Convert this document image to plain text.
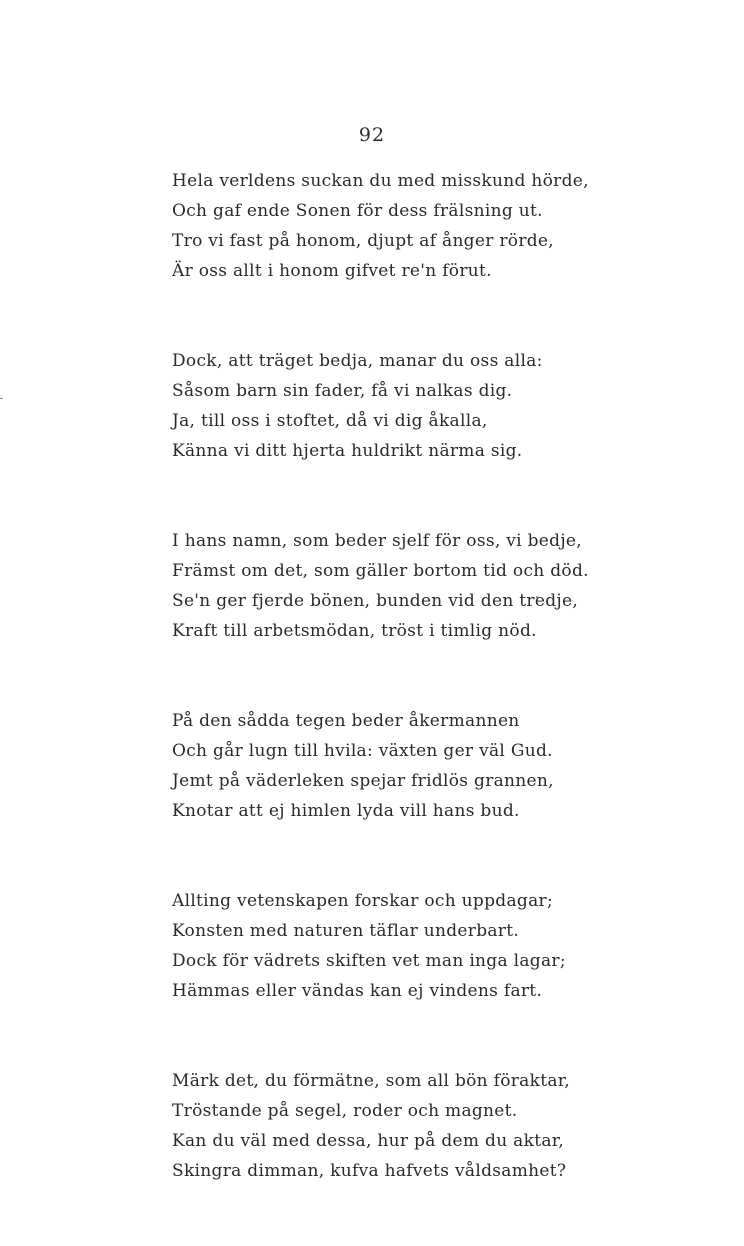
92
Hela verldens suckan du med misskund hörde,
Och gaf ende Sonen för dess frälsning ut.
Tro vi fast på honom, djupt af ånger rörde,
Är oss allt i honom gifvet re'n förut.
Dock, att träget bedja, manar du oss alla:
Såsom barn sin fader, få vi nalkas dig.
Ja, till oss i stoftet, då vi dig åkalla,
Känna vi ditt hjerta huldrikt närma sig.
I hans namn, som beder sjelf för oss, vi bedje,
Främst om det, som gäller bortom tid och död.
Se'n ger fjerde bönen, bunden vid den tredje,
Kraft till arbetsmödan, tröst i timlig nöd.
På den sådda tegen beder åkermannen
Och går lugn till hvila: växten ger väl Gud.
Jemt på väderleken spejar fridlös grannen,
Knotar att ej himlen lyda vill hans bud.
Allting vetenskapen forskar och uppdagar;
Konsten med naturen täflar underbart.
Dock för vädrets skiften vet man inga lagar;
Hämmas eller vändas kan ej vindens fart.
Märk det, du förmätne, som all bön föraktar,
Tröstande på segel, roder och magnet.
Kan du väl med dessa, hur på dem du aktar,
Skingra dimman, kufva hafvets våldsamhet?
